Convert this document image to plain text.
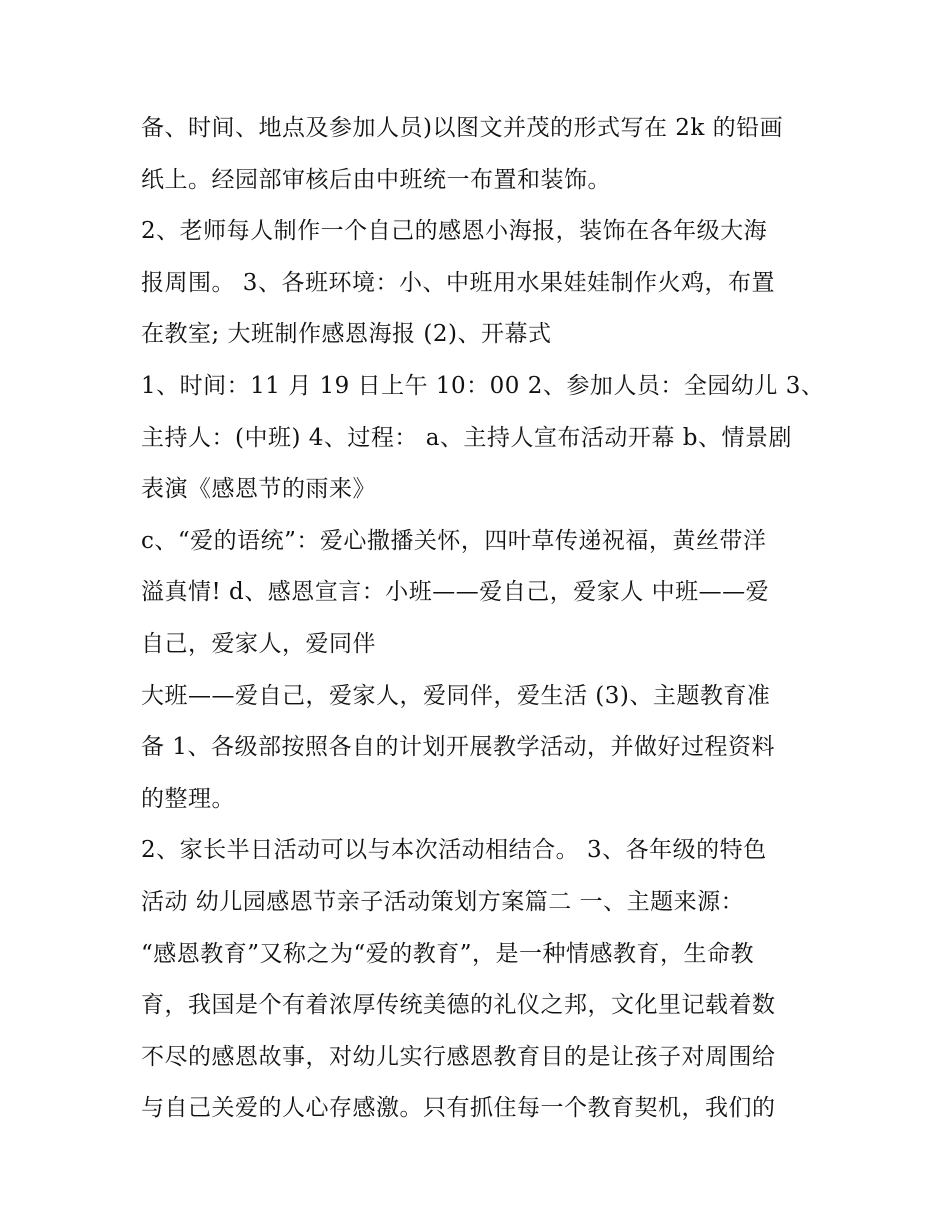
备、时间、地点及参加人员)以图文并茂的形式写在 2k 的铅画
纸上。经园部审核后由中班统一布置和装饰。
2、老师每人制作一个自己的感恩小海报，装饰在各年级大海
报周围。 3、各班环境：小、中班用水果娃娃制作火鸡，布置
在教室; 大班制作感恩海报 (2)、开幕式
1、时间：11 月 19 日上午 10：00 2、参加人员：全园幼儿 3、
主持人：(中班) 4、过程： a、主持人宣布活动开幕 b、情景剧
表演《感恩节的雨来》
c、“爱的语统”：爱心撒播关怀，四叶草传递祝福，黄丝带洋
溢真情! d、感恩宣言：小班——爱自己，爱家人 中班——爱
自己，爱家人，爱同伴
大班——爱自己，爱家人，爱同伴，爱生活 (3)、主题教育准
备 1、各级部按照各自的计划开展教学活动，并做好过程资料
的整理。
2、家长半日活动可以与本次活动相结合。 3、各年级的特色
活动 幼儿园感恩节亲子活动策划方案篇二 一、主题来源：
“感恩教育”又称之为“爱的教育”，是一种情感教育，生命教
育，我国是个有着浓厚传统美德的礼仪之邦，文化里记载着数
不尽的感恩故事，对幼儿实行感恩教育目的是让孩子对周围给
与自己关爱的人心存感激。只有抓住每一个教育契机，我们的
